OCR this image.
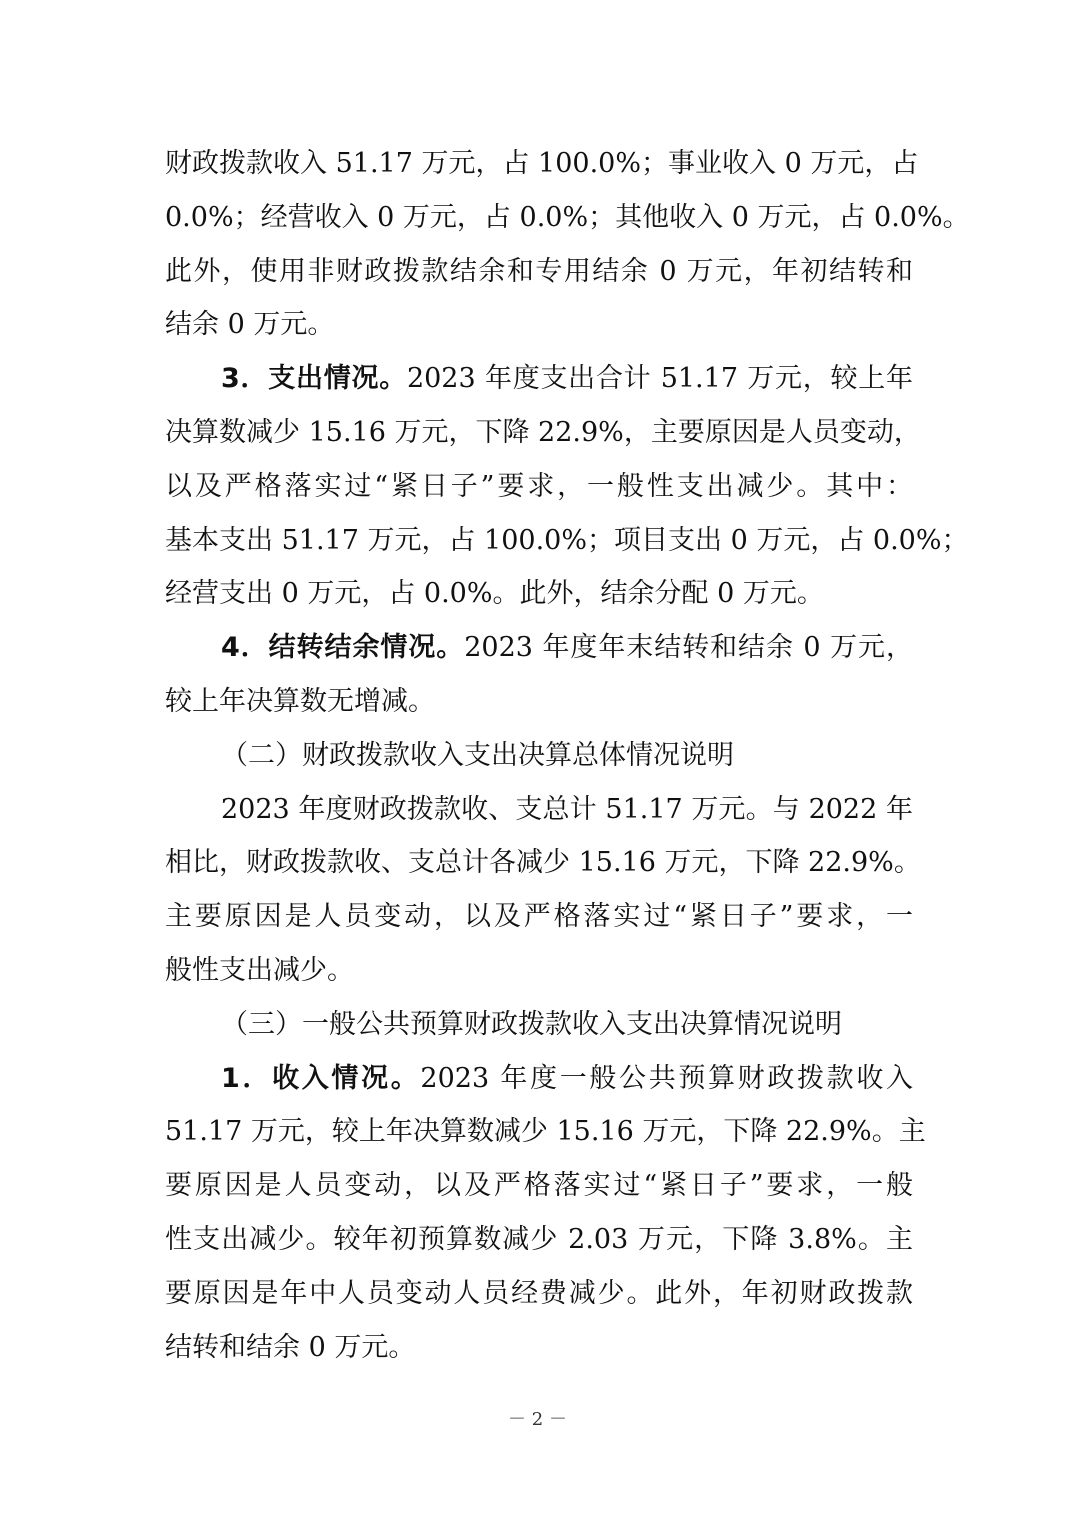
财政拨款收入 51.17 万元，占 100.0%；事业收入 0 万元，占
0.0%；经营收入 0 万元，占 0.0%；其他收入 0 万元，占 0.0%。
此外，使用非财政拨款结余和专用结余 0 万元，年初结转和
结余 0 万元。
3．支出情况。2023 年度支出合计 51.17 万元，较上年
决算数减少 15.16 万元，下降 22.9%，主要原因是人员变动，
以及严格落实过“紧日子”要求，一般性支出减少。其中：
基本支出 51.17 万元，占 100.0%；项目支出 0 万元，占 0.0%；
经营支出 0 万元，占 0.0%。此外，结余分配 0 万元。
4．结转结余情况。2023 年度年末结转和结余 0 万元，
较上年决算数无增减。
（二）财政拨款收入支出决算总体情况说明
2023 年度财政拨款收、支总计 51.17 万元。与 2022 年
相比，财政拨款收、支总计各减少 15.16 万元，下降 22.9%。
主要原因是人员变动，以及严格落实过“紧日子”要求，一
般性支出减少。
（三）一般公共预算财政拨款收入支出决算情况说明
1．收入情况。2023 年度一般公共预算财政拨款收入
51.17 万元，较上年决算数减少 15.16 万元，下降 22.9%。主
要原因是人员变动，以及严格落实过“紧日子”要求，一般
性支出减少。较年初预算数减少 2.03 万元，下降 3.8%。主
要原因是年中人员变动人员经费减少。此外，年初财政拨款
结转和结余 0 万元。
－ 2 －
